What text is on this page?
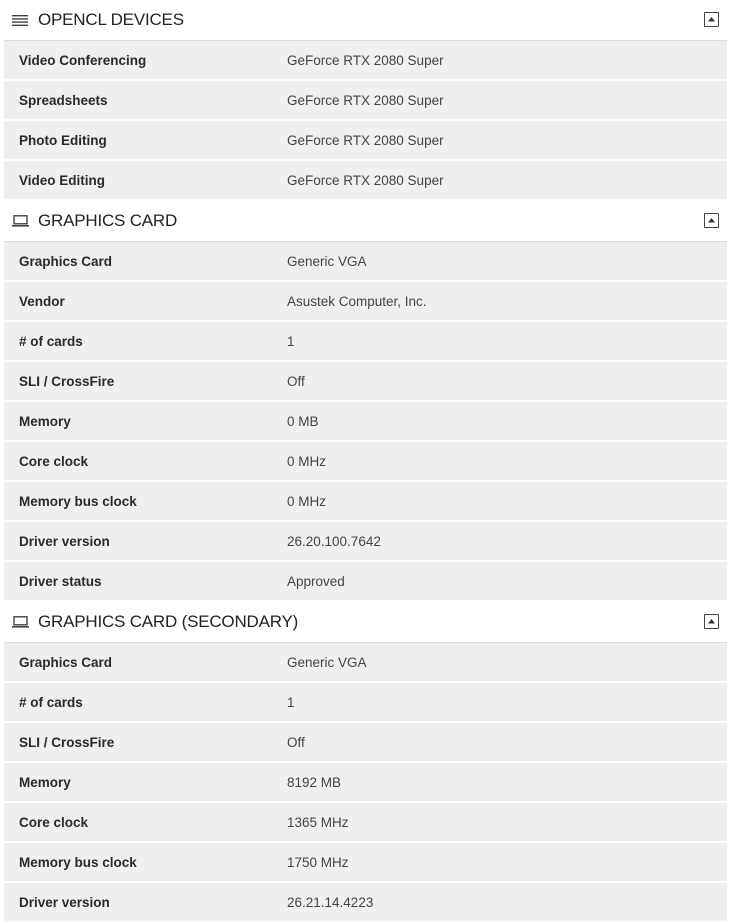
OPENCL DEVICES
Video Conferencing	GeForce RTX 2080 Super
Spreadsheets	GeForce RTX 2080 Super
Photo Editing	GeForce RTX 2080 Super
Video Editing	GeForce RTX 2080 Super
GRAPHICS CARD
Graphics Card	Generic VGA
Vendor	Asustek Computer, Inc.
# of cards	1
SLI / CrossFire	Off
Memory	0 MB
Core clock	0 MHz
Memory bus clock	0 MHz
Driver version	26.20.100.7642
Driver status	Approved
GRAPHICS CARD (SECONDARY)
Graphics Card	Generic VGA
# of cards	1
SLI / CrossFire	Off
Memory	8192 MB
Core clock	1365 MHz
Memory bus clock	1750 MHz
Driver version	26.21.14.4223
